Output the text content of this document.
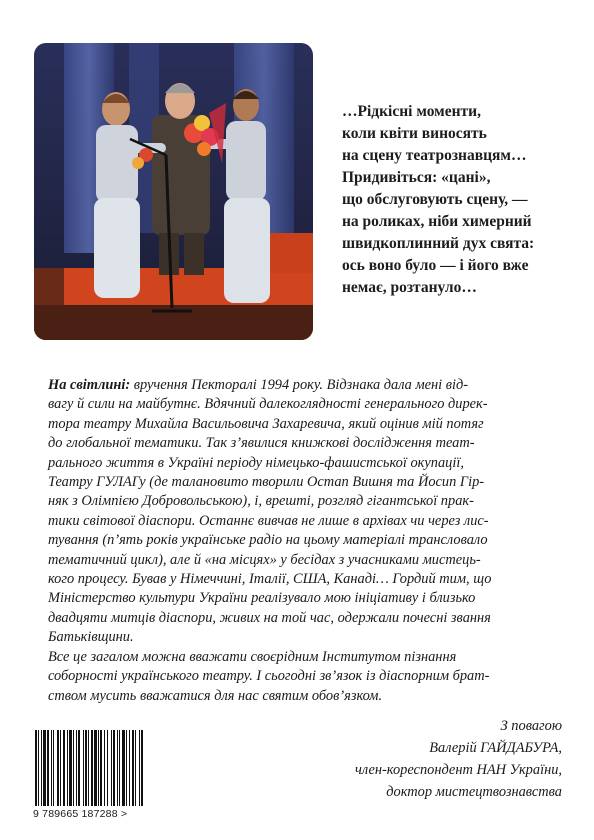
…Рідкісні моменти,
коли квіти виносять
на сцену театрознавцям…
Придивіться: «цані»,
що обслуговують сцену, —
на роликах, ніби химерний
швидкоплинний дух свята:
ось воно було — і його вже
немає, розтануло…
На світлині: вручення Пекторалі 1994 року. Відзнака дала мені від-
вагу й сили на майбутнє. Вдячний далекоглядності генерального дирек-
тора театру Михайла Васильовича Захаревича, який оцінив мій потяг
до глобальної тематики. Так з’явилися книжкові дослідження теат-
рального життя в Україні періоду німецько-фашистської окупації,
Театру ГУЛАГу (де талановито творили Остап Вишня та Йосип Гір-
няк з Олімпією Добровольською), і, врешті, розгляд гігантської прак-
тики світової діаспори. Останнє вивчав не лише в архівах чи через лис-
тування (п’ять років українське радіо на цьому матеріалі трансловало
тематичний цикл), але й «на місцях» у бесідах з учасниками мистець-
кого процесу. Бував у Німеччині, Італії, США, Канаді… Гордий тим, що
Міністерство культури України реалізувало мою ініціативу і близько
двадцяти митців діаспори, живих на той час, одержали почесні звання
Батьківщини.
Все це загалом можна вважати своєрідним Інститутом пізнання
соборності українського театру. І сьогодні зв’язок із діаспорним брат-
ством мусить вважатися для нас святим обов’язком.
9 789665 187288 >
З повагою
Валерій ГАЙДАБУРА,
член-кореспондент НАН України,
доктор мистецтвознавства
